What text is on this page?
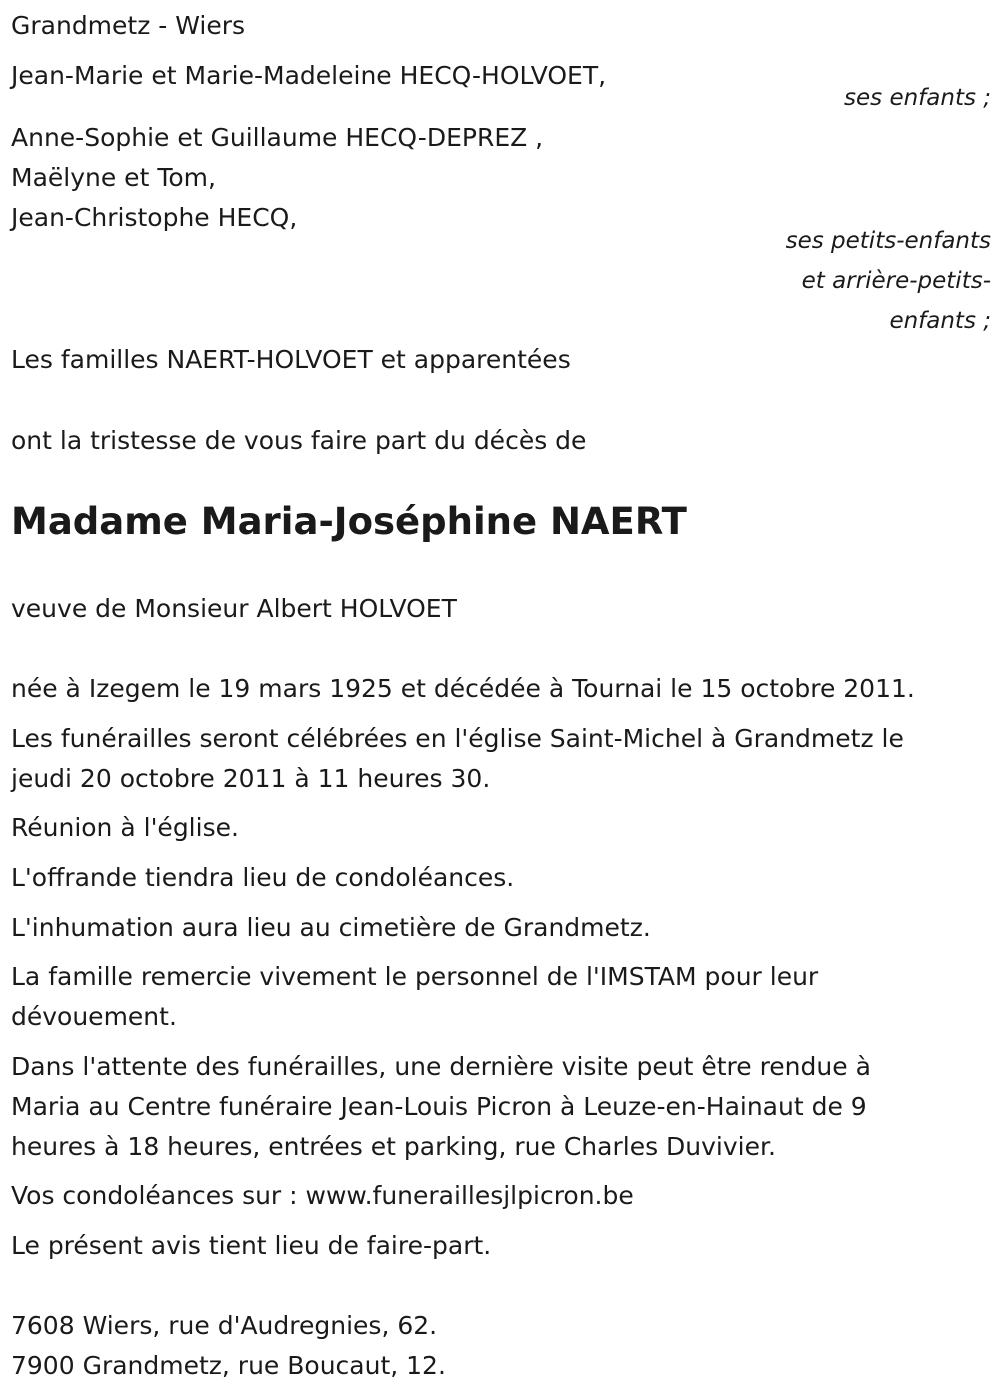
Grandmetz - Wiers

Jean-Marie et Marie-Madeleine HECQ-HOLVOET,

ses enfants ;

Anne-Sophie et Guillaume HECQ-DEPREZ ,

Maëlyne et Tom,

Jean-Christophe HECQ,

ses petits-enfants

et arrière-petits-

enfants ;

Les familles NAERT-HOLVOET et apparentées

ont la tristesse de vous faire part du décès de

Madame Maria-Joséphine NAERT

veuve de Monsieur Albert HOLVOET

née à Izegem le 19 mars 1925 et décédée à Tournai le 15 octobre 2011.

Les funérailles seront célébrées en l'église Saint-Michel à Grandmetz le

jeudi 20 octobre 2011 à 11 heures 30.

Réunion à l'église.

L'offrande tiendra lieu de condoléances.

L'inhumation aura lieu au cimetière de Grandmetz.

La famille remercie vivement le personnel de l'IMSTAM pour leur

dévouement.

Dans l'attente des funérailles, une dernière visite peut être rendue à

Maria au Centre funéraire Jean-Louis Picron à Leuze-en-Hainaut de 9

heures à 18 heures, entrées et parking, rue Charles Duvivier.

Vos condoléances sur : www.funeraillesjlpicron.be

Le présent avis tient lieu de faire-part.

7608 Wiers, rue d'Audregnies, 62.

7900 Grandmetz, rue Boucaut, 12.
